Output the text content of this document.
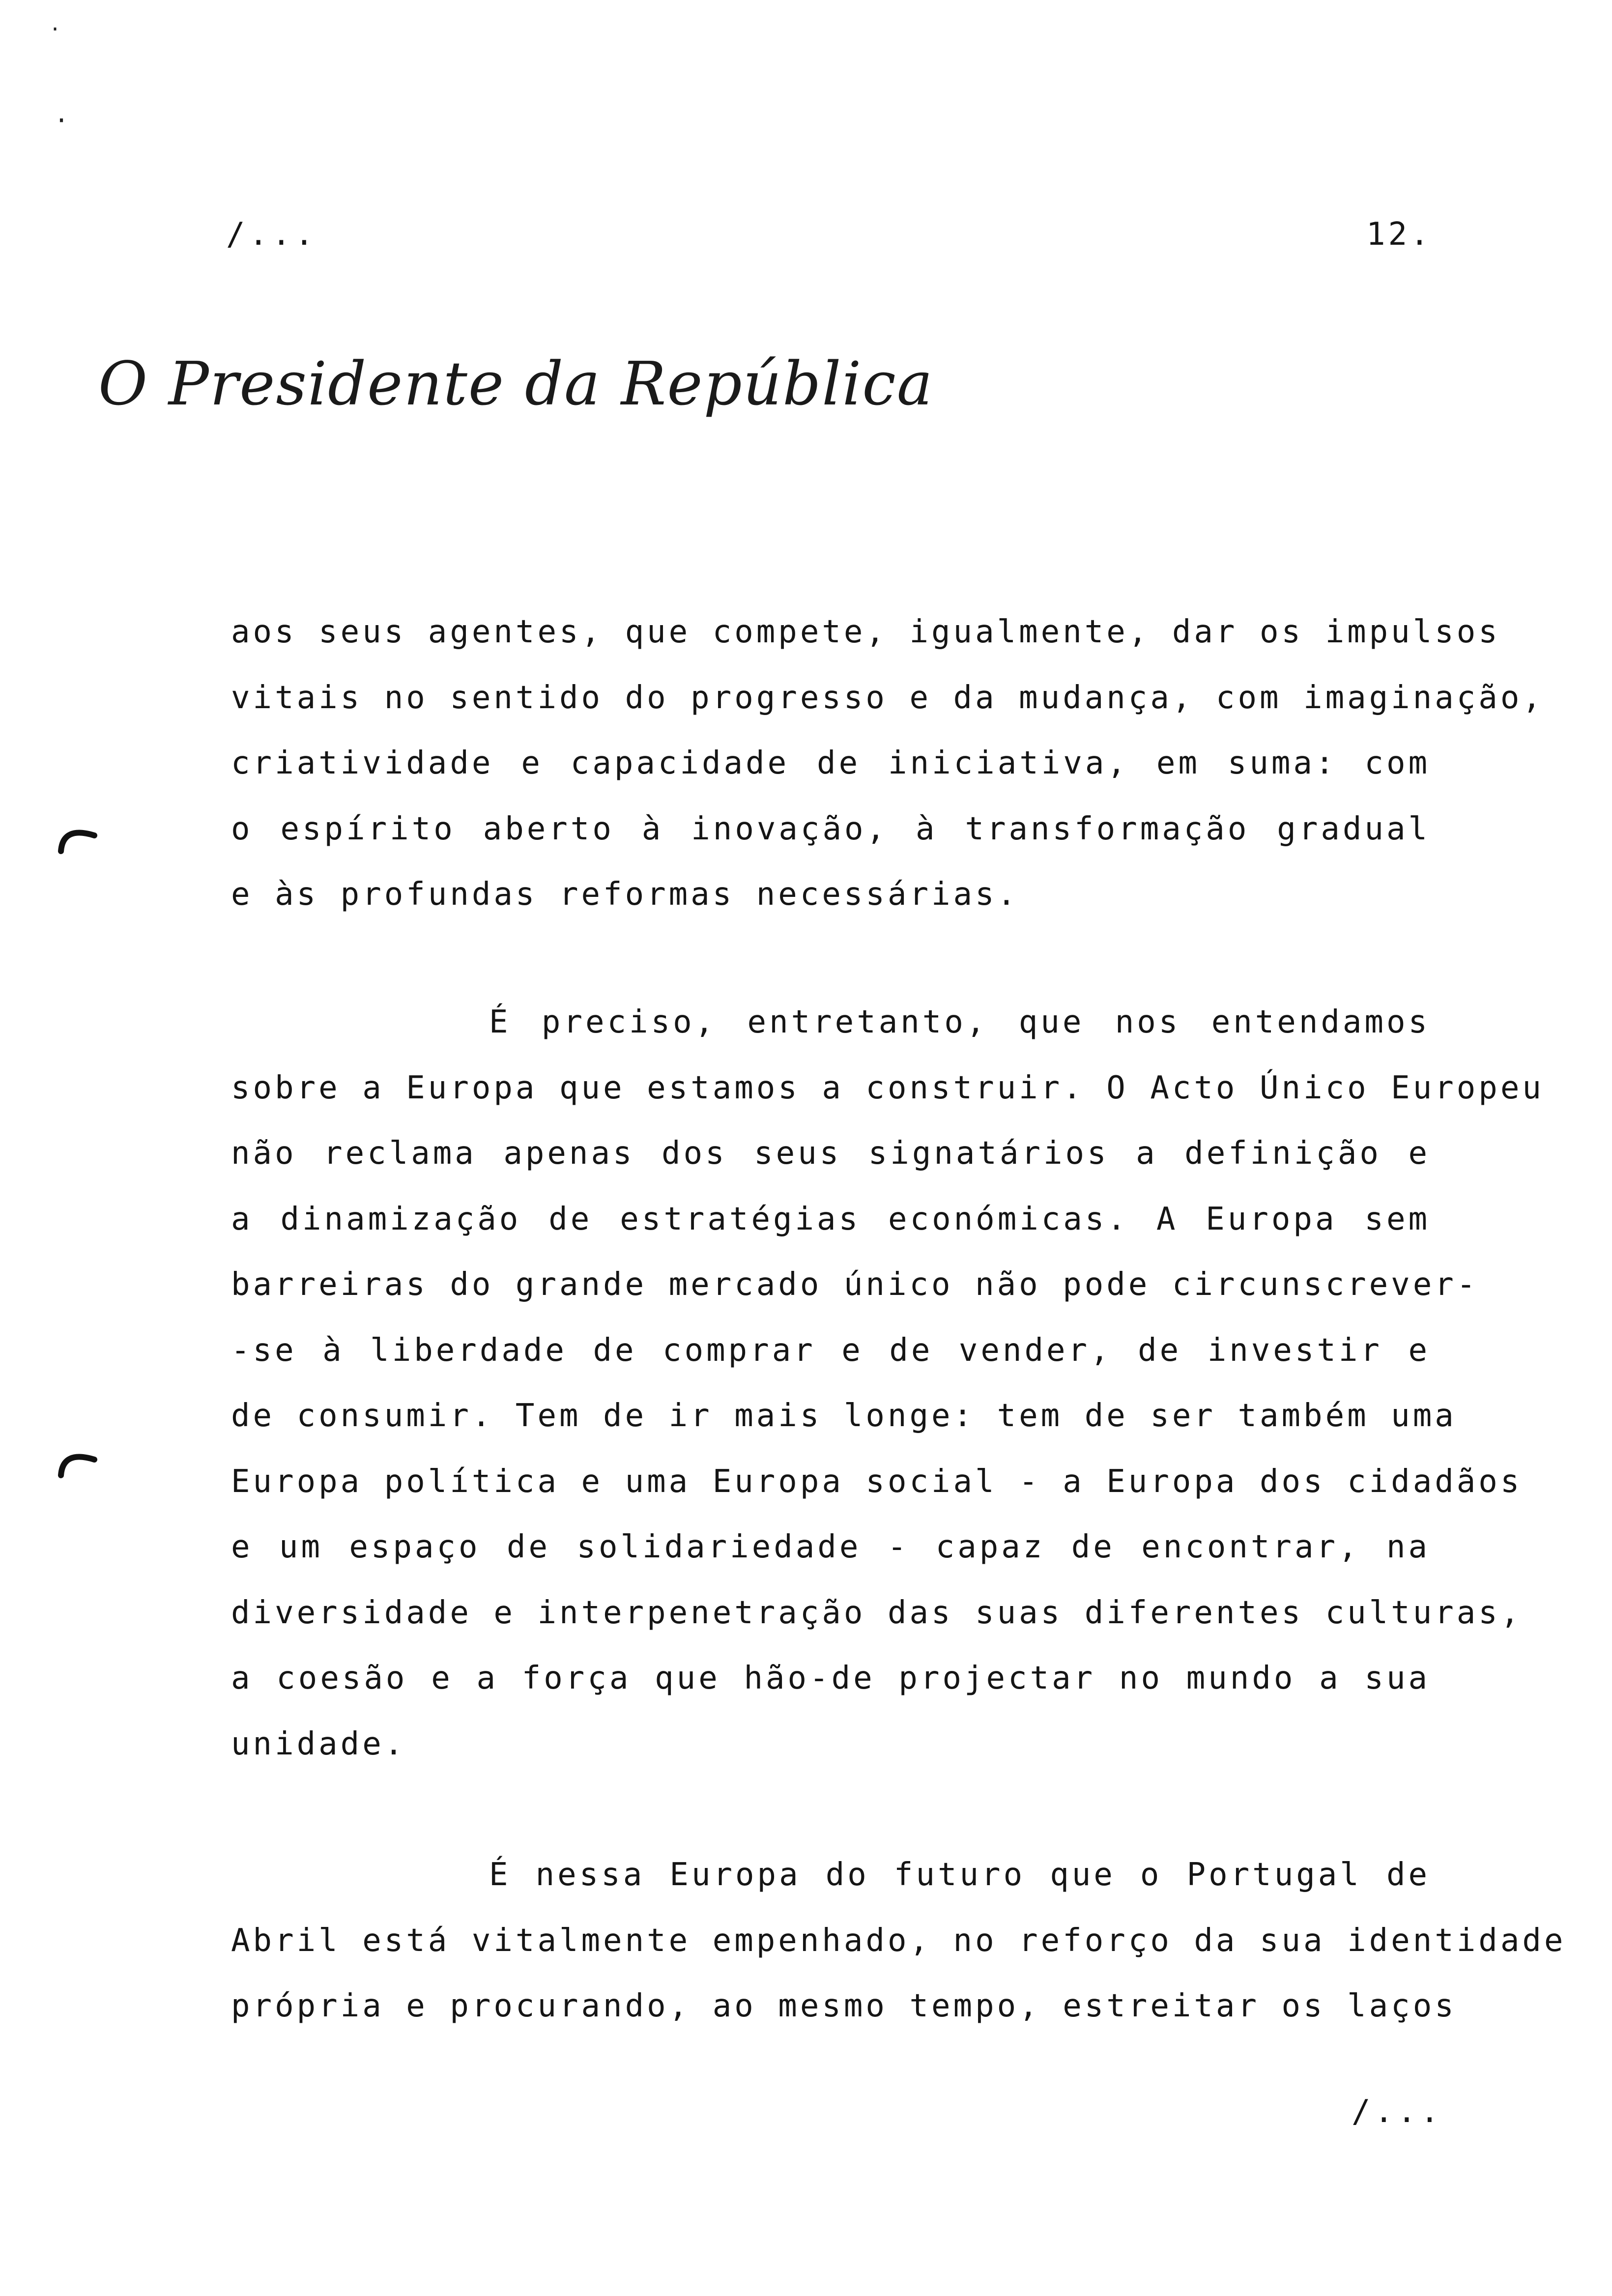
·
·
/...	12.
O Presidente da República
aos seus agentes, que compete, igualmente, dar os impulsos
vitais no sentido do progresso e da mudança, com imaginação,
criatividade e capacidade de iniciativa, em suma: com
o espírito aberto à inovação, à transformação gradual
e às profundas reformas necessárias.
É preciso, entretanto, que nos entendamos
sobre a Europa que estamos a construir. O Acto Único Europeu
não reclama apenas dos seus signatários a definição e
a dinamização de estratégias económicas. A Europa sem
barreiras do grande mercado único não pode circunscrever-
-se à liberdade de comprar e de vender, de investir e
de consumir. Tem de ir mais longe: tem de ser também uma
Europa política e uma Europa social - a Europa dos cidadãos
e um espaço de solidariedade - capaz de encontrar, na
diversidade e interpenetração das suas diferentes culturas,
a coesão e a força que hão-de projectar no mundo a sua
unidade.
É nessa Europa do futuro que o Portugal de
Abril está vitalmente empenhado, no reforço da sua identidade
própria e procurando, ao mesmo tempo, estreitar os laços
/...
